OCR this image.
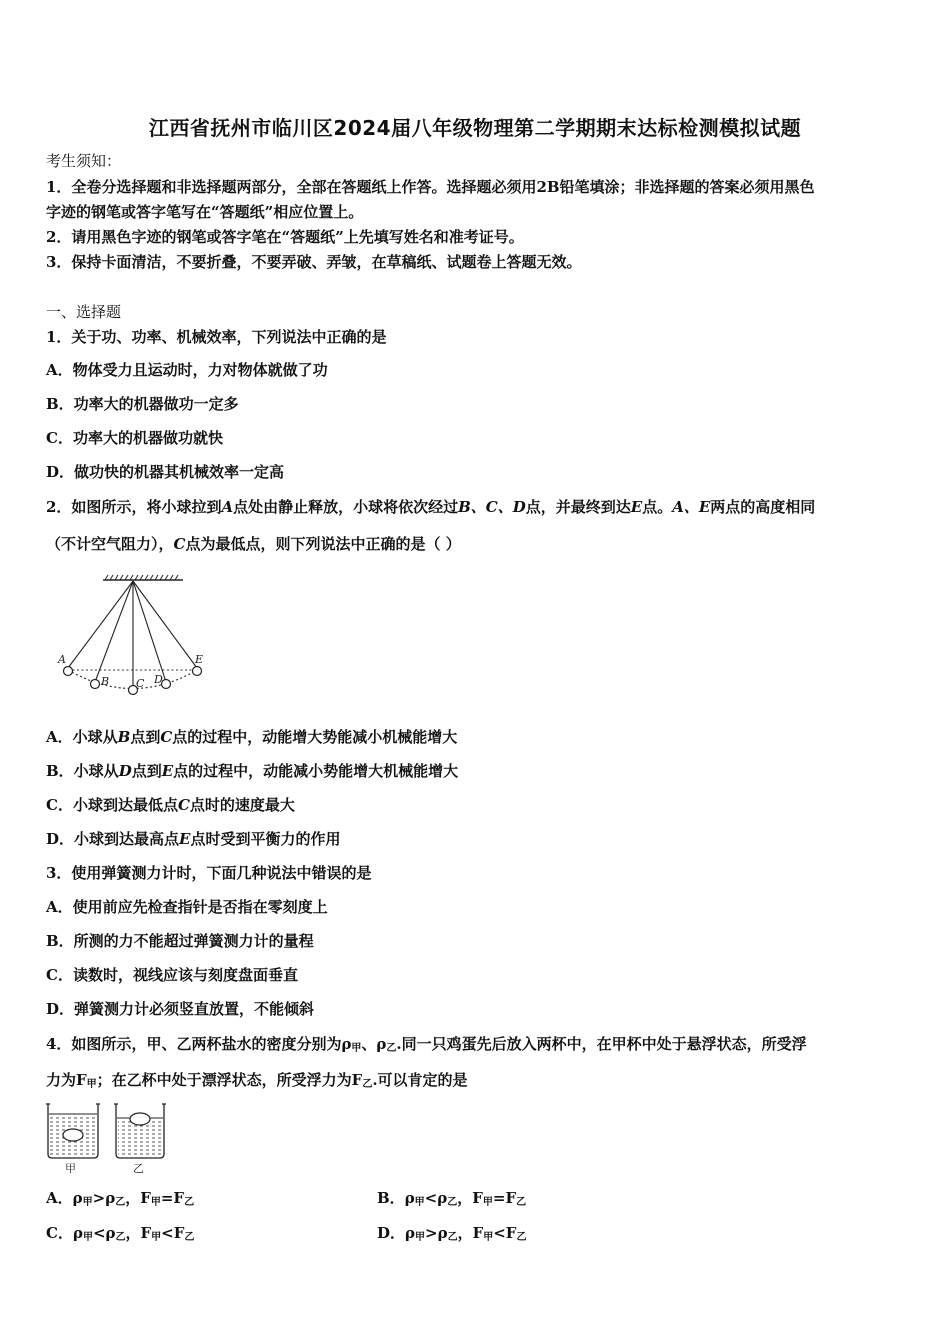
江西省抚州市临川区2024届八年级物理第二学期期末达标检测模拟试题
考生须知：
1．全卷分选择题和非选择题两部分，全部在答题纸上作答。选择题必须用2B铅笔填涂；非选择题的答案必须用黑色
字迹的钢笔或答字笔写在“答题纸”相应位置上。
2．请用黑色字迹的钢笔或答字笔在“答题纸”上先填写姓名和准考证号。
3．保持卡面清洁，不要折叠，不要弄破、弄皱，在草稿纸、试题卷上答题无效。
一、选择题
1．关于功、功率、机械效率，下列说法中正确的是
A．物体受力且运动时，力对物体就做了功
B．功率大的机器做功一定多
C．功率大的机器做功就快
D．做功快的机器其机械效率一定高
2．如图所示，将小球拉到A点处由静止释放，小球将依次经过B、C、D点，并最终到达E点。A、E两点的高度相同
（不计空气阻力），C点为最低点，则下列说法中正确的是（ ）
A
B C D
E
A．小球从B点到C点的过程中，动能增大势能减小机械能增大
B．小球从D点到E点的过程中，动能减小势能增大机械能增大
C．小球到达最低点C点时的速度最大
D．小球到达最高点E点时受到平衡力的作用
3．使用弹簧测力计时，下面几种说法中错误的是
A．使用前应先检查指针是否指在零刻度上
B．所测的力不能超过弹簧测力计的量程
C．读数时，视线应该与刻度盘面垂直
D．弹簧测力计必须竖直放置，不能倾斜
4．如图所示，甲、乙两杯盐水的密度分别为$\rho_甲$、$\rho_乙$.同一只鸡蛋先后放入两杯中，在甲杯中处于悬浮状态，所受浮
力为$F_甲$；在乙杯中处于漂浮状态，所受浮力为$F_乙$.可以肯定的是
甲	乙
A．$\rho_甲>\rho_乙$，$F_甲=F_乙$	B．$\rho_甲<\rho_乙$，$F_甲=F_乙$
C．$\rho_甲<\rho_乙$，$F_甲<F_乙$	D．$\rho_甲>\rho_乙$，$F_甲<F_乙$
